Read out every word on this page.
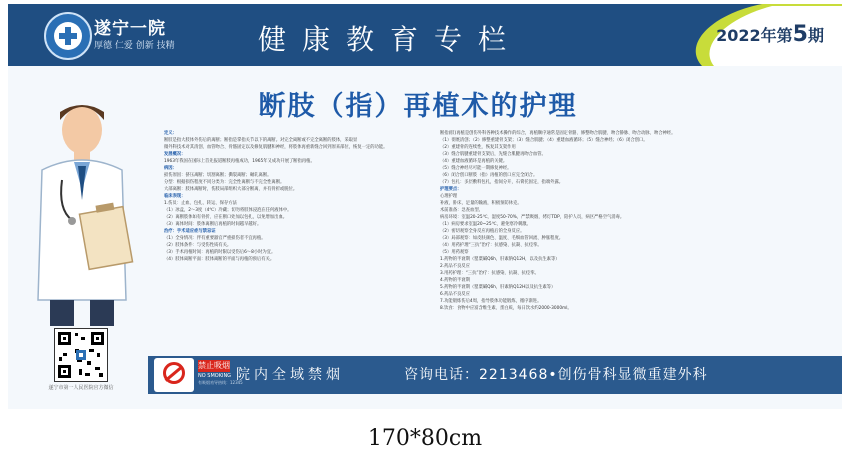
遂宁一院
厚德 仁爱 创新 技精	健康教育专栏	2022年第5期
断肢（指）再植术的护理
遂宁市第一人民医院官方微信

定义：

断肢是指大肢体外伤后的离断；断指是掌指关节以下的离断。对完全离断或不完全离断的肢体，采取显

微外科技术对其清创、血管吻合、骨骼固定以及修复肌腱和神经，将肢体再重新缝合回到原来部位，恢复一定的功能。

发展概况：

1963年我国在国际上首先报道断肢再植成功，1965年又成功开展了断指再植。

病因：

损伤原因：挤压离断；切割离断；撕裂离断；碾轧离断。

分型：根据损伤程度不同分类为：完全性离断与不完全性离断。

大部离断：肢体离断时，伤肢局部组织大部分断离，并有骨折或脱位。

临床表现：

1.伤员：止血、包扎、转运、保存方法

（1）冰盒，2～3度（4℃）冷藏；切勿将肢体浸泡在任何液体中。

（2）离断肢体如有骨折、应在断口处加以包扎，以免增加出血。

（3）离体时间：肢体离断后再植的时间越早越好。

治疗：手术适应症与禁忌证

（1）全身情况：伴有重要器官严重损伤者不宜再植。

（2）肢体条件：与受伤性质有关。

（3）手术再植时间：再植的时限以受伤后6～8小时为宜。

（4）肢体离断平面：肢体离断的平面与再植的预后有关。

断指(肢)再植是创伤外科各种技术操作的综合，再植顺序通常是固定骨骼、修整吻合肌腱、吻合静脉、吻合动脉、吻合神经。

（1）彻底清创；（2）修整重建骨支架；（3）缝合肌腱；（4）重建血液循环；（5）缝合神经；（6）闭合创口。

（2）重建骨的连续性，恢复其支架作用

（3）缝合肌腱重建骨支架后，先缝合肌腱再吻合血管。

（4）重建血液循环是再植的关键。

（5）缝合神经尽可能一期修复神经。

（6）闭合创口断肢（指）再植的创口应完全闭合。

（7）包扎：多层敷料包扎，指间分开，石膏托固定，指端外露。

护理要点：

心理护理

补液，卧床，足量的输液，积极预防休克。

术前准备：急查血型。

病房环境：室温20-25℃，湿度50-70%，严禁吸烟，烤灯TDP，陪护人员，病区严格空气消毒。

（1）病房要求室温20~25℃，避免寒冷刺激。

（2）密切观察全身反应再植后的全身反应。

（3）局部观察：如皮肤颜色、温度、毛细血管回流、肿胀程度。

（4）用药护理“三抗”治疗：抗感染、抗凝、抗痉挛。

（5）用药观察

1.药物的半衰期（罂粟碱Q6h，肝素钠Q12H，以及抗生素等）

2.药品不良反应

3.用药护理：“三抗”治疗：抗感染、抗凝、抗痉挛。

4.药物的半衰期

5.药物的半衰期（罂粟碱Q6h，肝素钠Q12H以及抗生素等）

6.药品不良反应

7.功能锻炼伤后4周，指导肢体功能锻炼，循序渐进。

8.饮食：食物中应富含维生素、蛋白质，每日饮水约2000-3000ml。

禁止吸烟
NO SMOKING
有吸烟劝导热线：12345
院内全域禁烟	咨询电话：2213468•创伤骨科显微重建外科
170*80cm
